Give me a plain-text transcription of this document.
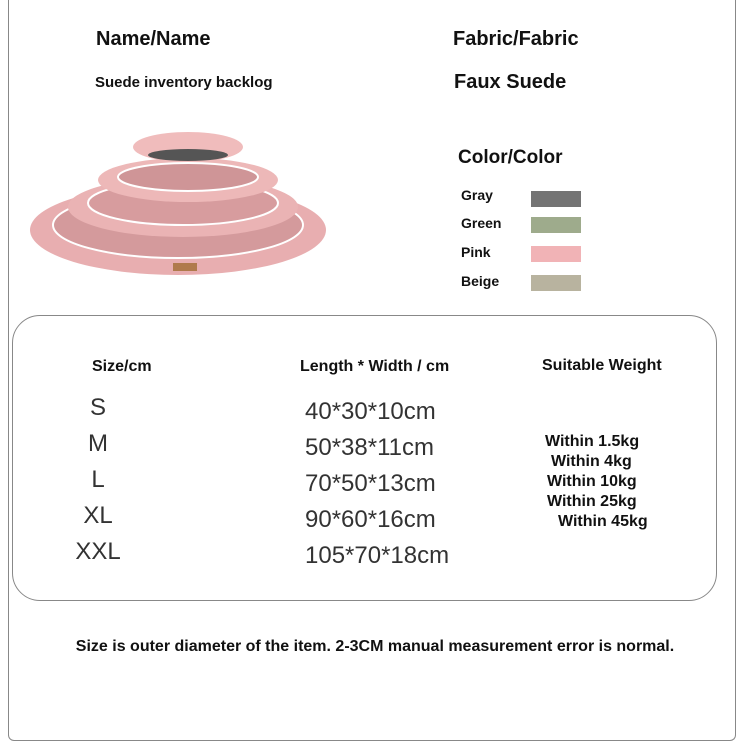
Name/Name
Suede inventory backlog
Fabric/Fabric
Faux Suede
Color/Color
Gray
Green
Pink
Beige
Size/cm	Length * Width / cm	Suitable Weight
S
M
L
XL
XXL
40*30*10cm
50*38*11cm
70*50*13cm
90*60*16cm
105*70*18cm
Within 1.5kg
Within 4kg
Within 10kg
Within 25kg
Within 45kg
Size is outer diameter of the item. 2-3CM manual measurement error is normal.
